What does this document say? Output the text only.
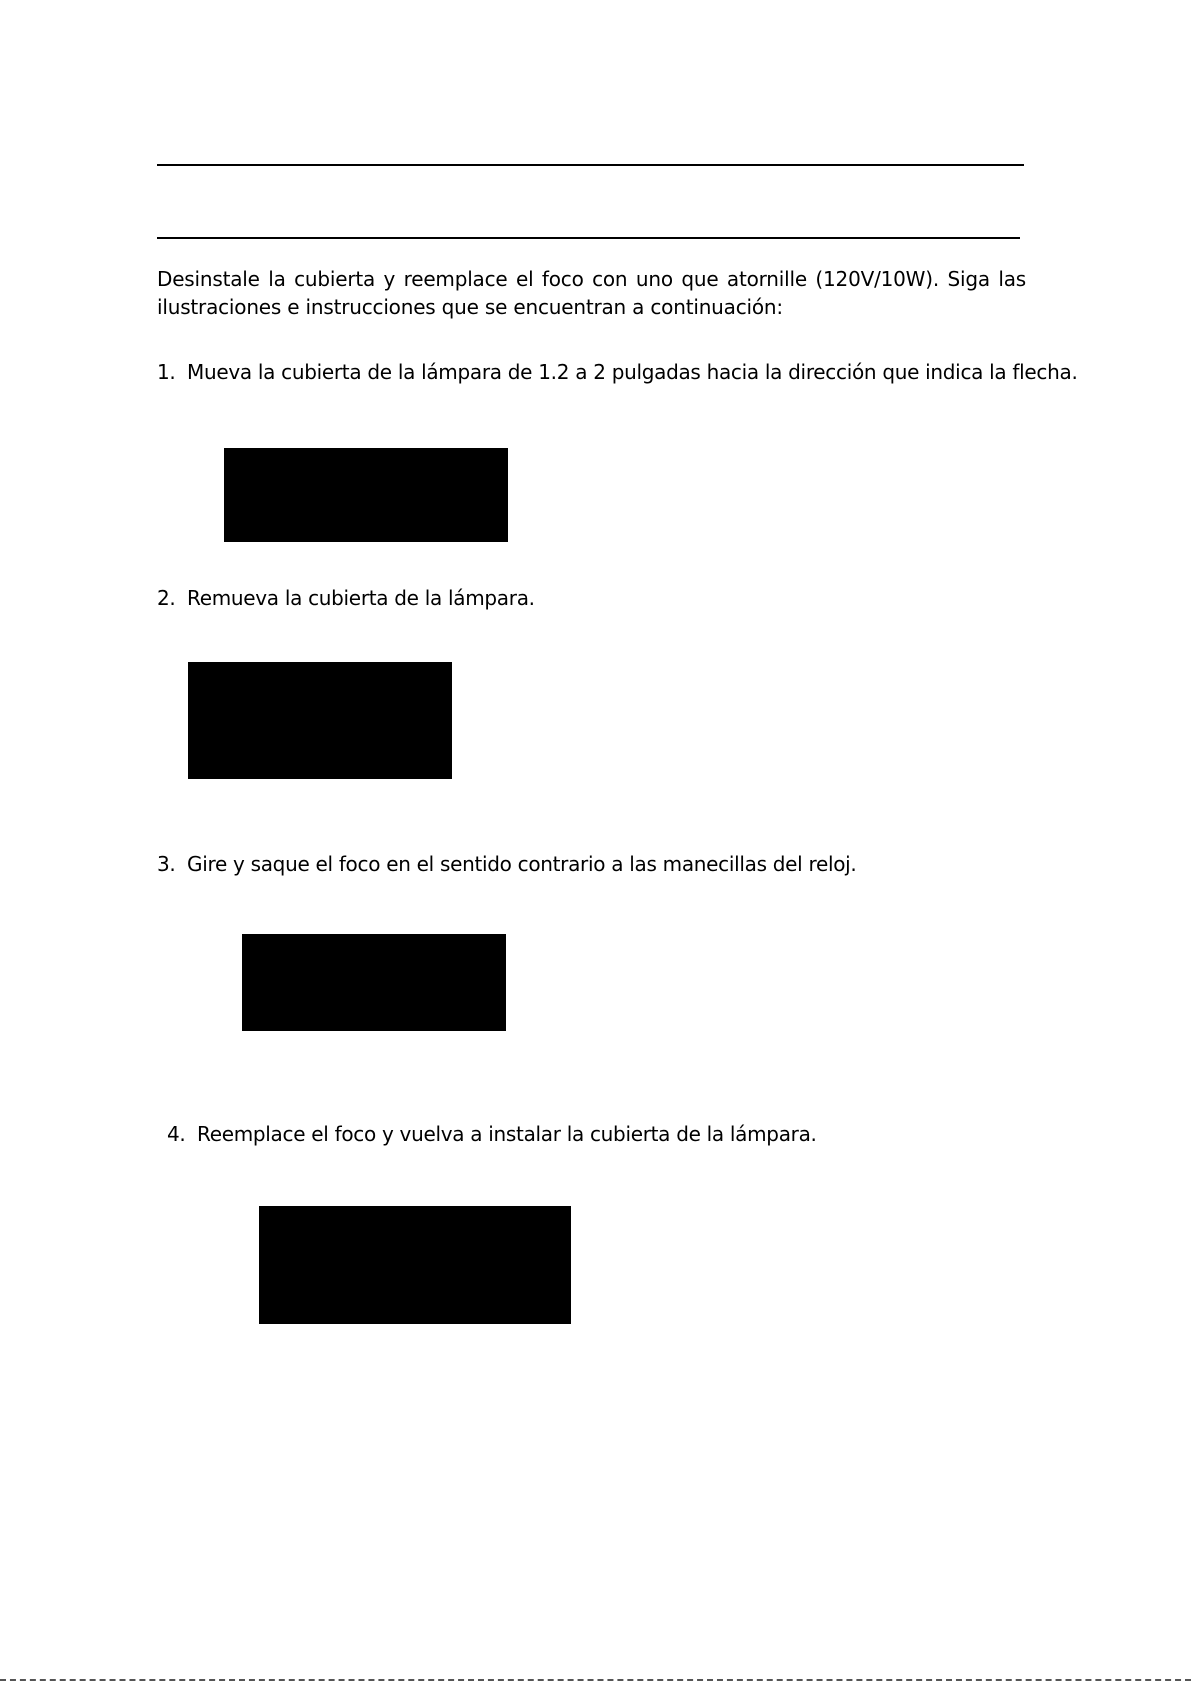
Desinstale la cubierta y reemplace el foco con uno que atornille (120V/10W). Siga las ilustraciones e instrucciones que se encuentran a continuación:

1. Mueva la cubierta de la lámpara de 1.2 a 2 pulgadas hacia la dirección que indica la flecha.

2. Remueva la cubierta de la lámpara.

3. Gire y saque el foco en el sentido contrario a las manecillas del reloj.

4. Reemplace el foco y vuelva a instalar la cubierta de la lámpara.
